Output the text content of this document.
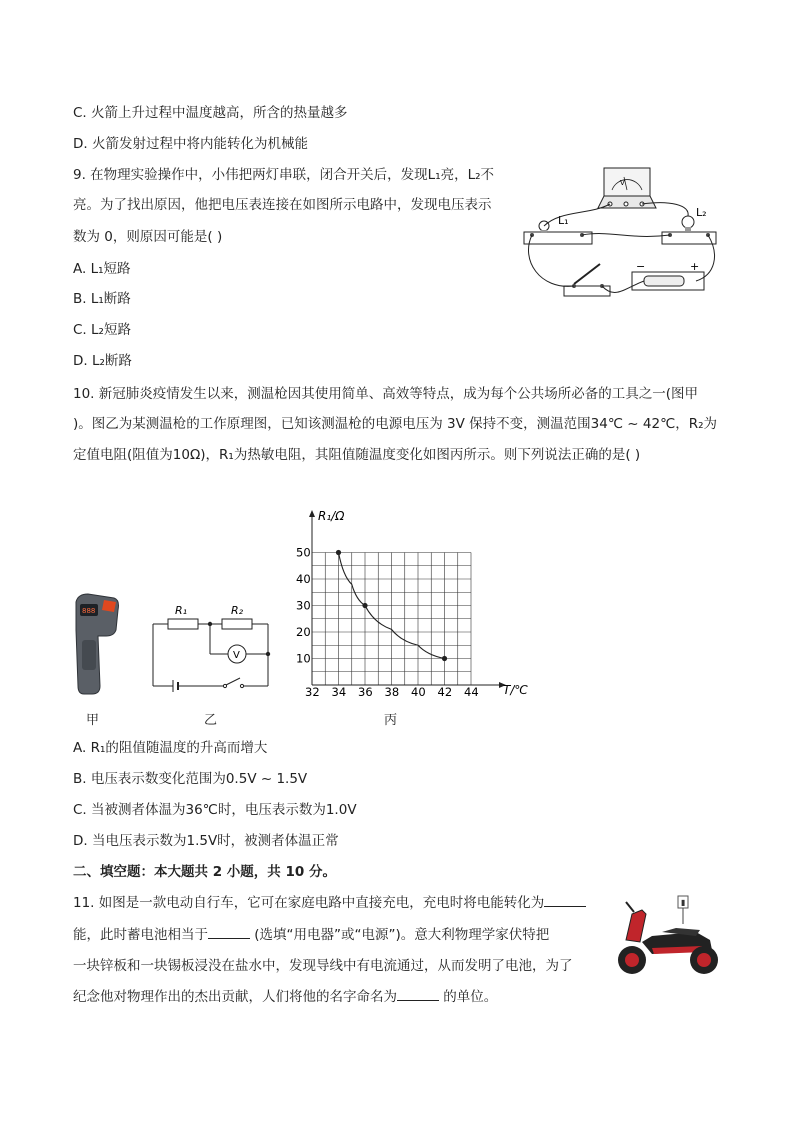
C. 火箭上升过程中温度越高，所含的热量越多
D. 火箭发射过程中将内能转化为机械能
9. 在物理实验操作中，小伟把两灯串联，闭合开关后，发现L₁亮，L₂不
亮。为了找出原因，他把电压表连接在如图所示电路中，发现电压表示
数为 0，则原因可能是( )
A. L₁短路
B. L₁断路
C. L₂短路
D. L₂断路
V
L₁
L₂
−	+
10. 新冠肺炎疫情发生以来，测温枪因其使用简单、高效等特点，成为每个公共场所必备的工具之一(图甲
)。图乙为某测温枪的工作原理图，已知该测温枪的电源电压为 3V 保持不变，测温范围34℃ ~ 42℃，R₂为
定值电阻(阻值为10Ω)，R₁为热敏电阻，其阻值随温度变化如图丙所示。则下列说法正确的是( )
888
甲
R₁	R₂
V
乙
32 34 36 38 40 42 44
10
20
30
40
50
R₁/Ω
T/℃
丙
A. R₁的阻值随温度的升高而增大
B. 电压表示数变化范围为0.5V ~ 1.5V
C. 当被测者体温为36℃时，电压表示数为1.0V
D. 当电压表示数为1.5V时，被测者体温正常
二、填空题：本大题共 2 小题，共 10 分。
11. 如图是一款电动自行车，它可在家庭电路中直接充电，充电时将电能转化为
能，此时蓄电池相当于	(选填“用电器”或“电源”)。意大利物理学家伏特把
一块锌板和一块锡板浸没在盐水中，发现导线中有电流通过，从而发明了电池，为了
纪念他对物理作出的杰出贡献，人们将他的名字命名为	的单位。
▮
